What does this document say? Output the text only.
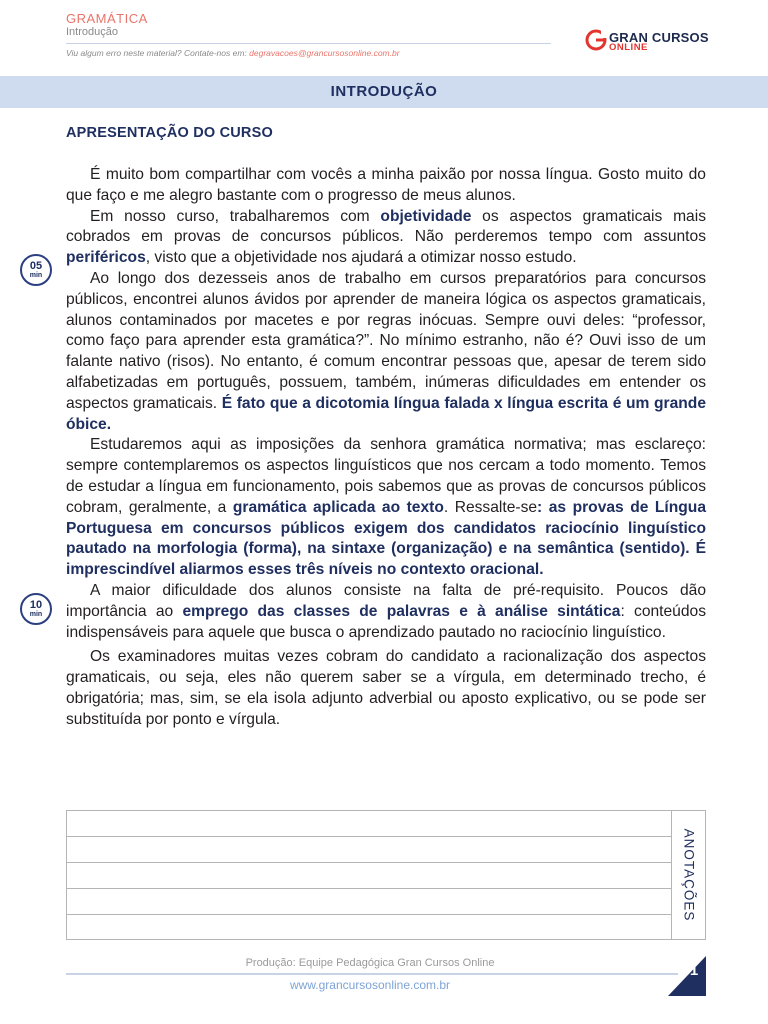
GRAMÁTICA
Introdução
Viu algum erro neste material? Contate-nos em: degravacoes@grancursosonline.com.br
GRAN CURSOS
ONLINE
INTRODUÇÃO
APRESENTAÇÃO DO CURSO
05
min
10
min

É muito bom compartilhar com vocês a minha paixão por nossa língua. Gosto muito do que faço e me alegro bastante com o progresso de meus alunos.

Em nosso curso, trabalharemos com objetividade os aspectos gramaticais mais cobrados em provas de concursos públicos. Não perderemos tempo com assuntos periféricos, visto que a objetividade nos ajudará a otimizar nosso estudo.

Ao longo dos dezesseis anos de trabalho em cursos preparatórios para concursos públicos, encontrei alunos ávidos por aprender de maneira lógica os aspectos gramaticais, alunos contaminados por macetes e por regras inócuas. Sempre ouvi deles: “professor, como faço para aprender esta gramática?”. No mínimo estranho, não é? Ouvi isso de um falante nativo (risos). No entanto, é comum encontrar pessoas que, apesar de terem sido alfabetizadas em português, possuem, também, inúmeras dificuldades em entender os aspectos gramaticais. É fato que a dicotomia língua falada x língua escrita é um grande óbice.

Estudaremos aqui as imposições da senhora gramática normativa; mas esclareço: sempre contemplaremos os aspectos linguísticos que nos cercam a todo momento. Temos de estudar a língua em funcionamento, pois sabemos que as provas de concursos públicos cobram, geralmente, a gramática aplicada ao texto. Ressalte-se: as provas de Língua Portuguesa em concursos públicos exigem dos candidatos raciocínio linguístico pautado na morfologia (forma), na sintaxe (organização) e na semântica (sentido). É imprescindível aliarmos esses três níveis no contexto oracional.

A maior dificuldade dos alunos consiste na falta de pré-requisito. Poucos dão importância ao emprego das classes de palavras e à análise sintática: conteúdos indispensáveis para aquele que busca o aprendizado pautado no raciocínio linguístico.

Os examinadores muitas vezes cobram do candidato a racionalização dos aspectos gramaticais, ou seja, eles não querem saber se a vírgula, em determinado trecho, é obrigatória; mas, sim, se ela isola adjunto adverbial ou aposto explicativo, ou se pode ser substituída por ponto e vírgula.

ANOTAÇÕES
Produção: Equipe Pedagógica Gran Cursos Online
www.grancursosonline.com.br
1
